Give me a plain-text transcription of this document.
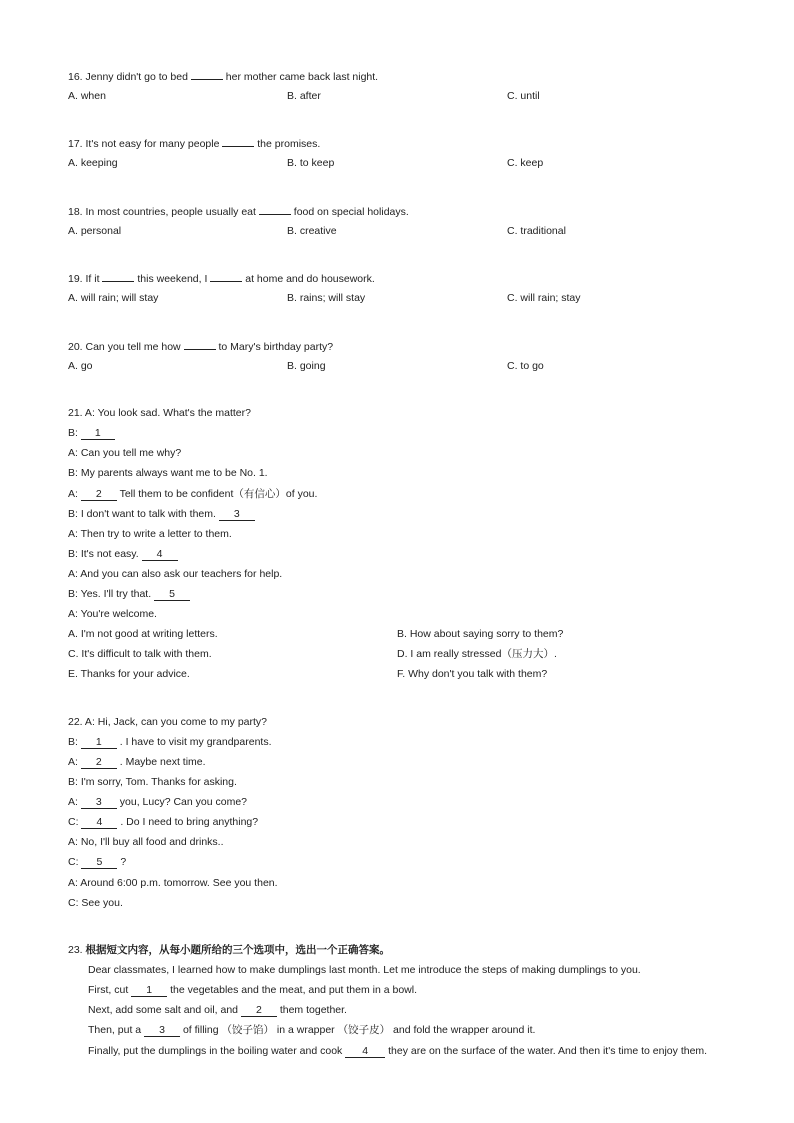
16. Jenny didn't go to bed	her mother came back last night.
A. when	B. after	C. until
17. It's not easy for many people	the promises.
A. keeping	B. to keep	C. keep
18. In most countries, people usually eat	food on special holidays.
A. personal	B. creative	C. traditional
19. If it	this weekend, I	at home and do housework.
A. will rain; will stay	B. rains; will stay	C. will rain; stay
20. Can you tell me how	to Mary's birthday party?
A. go	B. going	C. to go
21. A: You look sad. What's the matter?
B: 1
A: Can you tell me why?
B: My parents always want me to be No. 1.
A: 2 Tell them to be confident（有信心）of you.
B: I don't want to talk with them. 3
A: Then try to write a letter to them.
B: It's not easy. 4
A: And you can also ask our teachers for help.
B: Yes. I'll try that. 5
A: You're welcome.
A. I'm not good at writing letters.	B. How about saying sorry to them?
C. It's difficult to talk with them.	D. I am really stressed（压力大）.
E. Thanks for your advice.	F. Why don't you talk with them?
22. A: Hi, Jack, can you come to my party?
B: 1 . I have to visit my grandparents.
A: 2 . Maybe next time.
B: I'm sorry, Tom. Thanks for asking.
A: 3 you, Lucy? Can you come?
C: 4 . Do I need to bring anything?
A: No, I'll buy all food and drinks..
C: 5 ?
A: Around 6:00 p.m. tomorrow. See you then.
C: See you.
23. 根据短文内容，从每小题所给的三个选项中，选出一个正确答案。
Dear classmates, I learned how to make dumplings last month. Let me introduce the steps of making dumplings to you.
First, cut 1 the vegetables and the meat, and put them in a bowl.
Next, add some salt and oil, and 2 them together.
Then, put a 3 of filling （饺子馅） in a wrapper （饺子皮） and fold the wrapper around it.
Finally, put the dumplings in the boiling water and cook 4 they are on the surface of the water. And then it's time to enjoy them.
